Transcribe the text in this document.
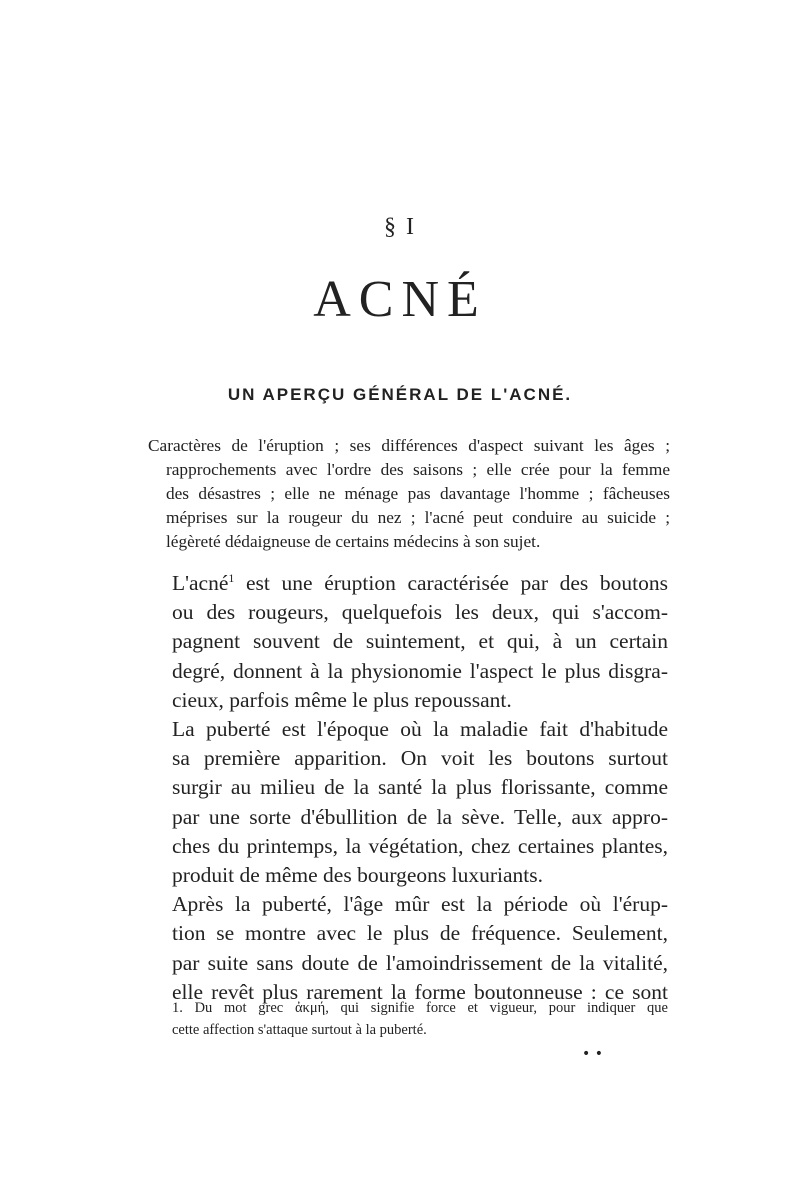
§ I
ACNÉ
UN APERÇU GÉNÉRAL DE L'ACNÉ.
Caractères de l'éruption ; ses différences d'aspect suivant les âges ;
rapprochements avec l'ordre des saisons ; elle crée pour la femme
des désastres ; elle ne ménage pas davantage l'homme ; fâcheuses
méprises sur la rougeur du nez ; l'acné peut conduire au suicide ;
légèreté dédaigneuse de certains médecins à son sujet.
L'acné$^1$ est une éruption caractérisée par des boutons
ou des rougeurs, quelquefois les deux, qui s'accom-
pagnent souvent de suintement, et qui, à un certain
degré, donnent à la physionomie l'aspect le plus disgra-
cieux, parfois même le plus repoussant.
La puberté est l'époque où la maladie fait d'habitude
sa première apparition. On voit les boutons surtout
surgir au milieu de la santé la plus florissante, comme
par une sorte d'ébullition de la sève. Telle, aux appro-
ches du printemps, la végétation, chez certaines plantes,
produit de même des bourgeons luxuriants.
Après la puberté, l'âge mûr est la période où l'érup-
tion se montre avec le plus de fréquence. Seulement,
par suite sans doute de l'amoindrissement de la vitalité,
elle revêt plus rarement la forme boutonneuse : ce sont
1. Du mot grec ἀκμή, qui signifie force et vigueur, pour indiquer que
cette affection s'attaque surtout à la puberté.
• •
